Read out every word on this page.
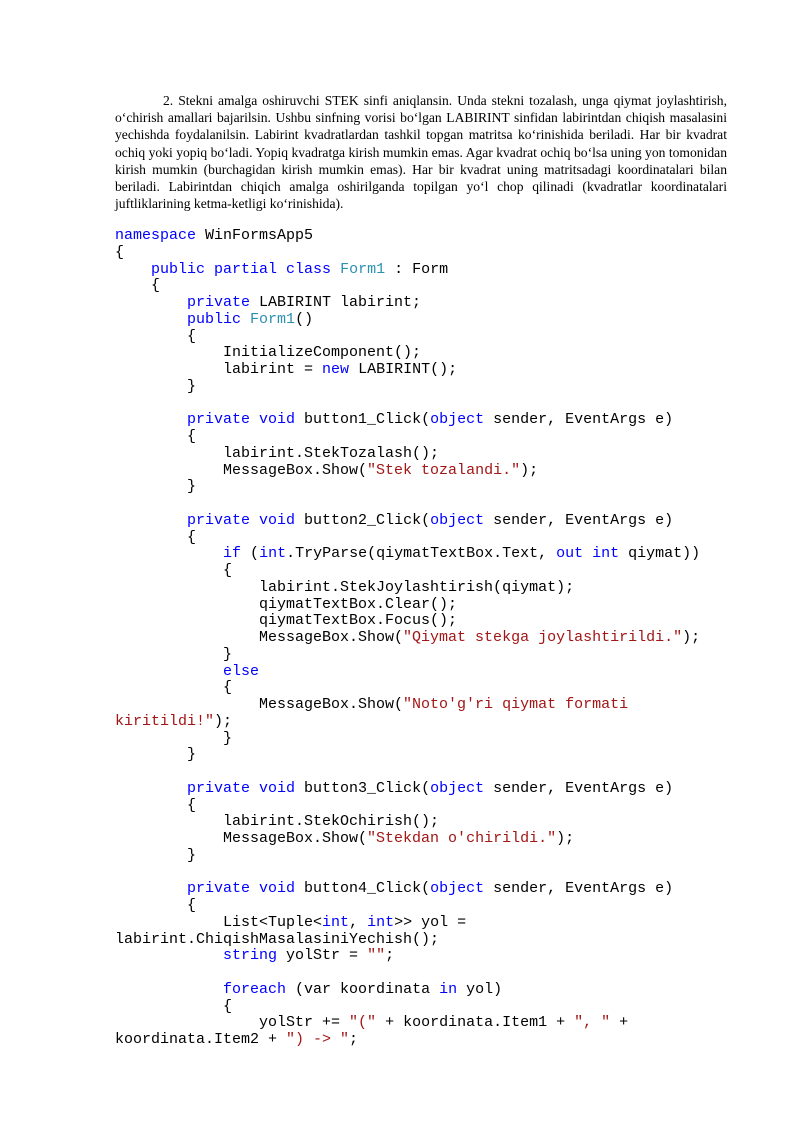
2. Stekni amalga oshiruvchi STEK sinfi aniqlansin. Unda stekni tozalash, unga qiymat joylashtirish, o‘chirish amallari bajarilsin. Ushbu sinfning vorisi bo‘lgan LABIRINT sinfidan labirintdan chiqish masalasini yechishda foydalanilsin. Labirint kvadratlardan tashkil topgan matritsa ko‘rinishida beriladi. Har bir kvadrat ochiq yoki yopiq bo‘ladi. Yopiq kvadratga kirish mumkin emas. Agar kvadrat ochiq bo‘lsa uning yon tomonidan kirish mumkin (burchagidan kirish mumkin emas). Har bir kvadrat uning matritsadagi koordinatalari bilan beriladi. Labirintdan chiqich amalga oshirilganda topilgan yo‘l chop qilinadi (kvadratlar koordinatalari juftliklarining ketma-ketligi ko‘rinishida).
namespace WinFormsApp5
{
public partial class Form1 : Form
{
private LABIRINT labirint;
public Form1()
{
InitializeComponent();
labirint = new LABIRINT();
}

private void button1_Click(object sender, EventArgs e)
{
labirint.StekTozalash();
MessageBox.Show("Stek tozalandi.");
}

private void button2_Click(object sender, EventArgs e)
{
if (int.TryParse(qiymatTextBox.Text, out int qiymat))
{
labirint.StekJoylashtirish(qiymat);
qiymatTextBox.Clear();
qiymatTextBox.Focus();
MessageBox.Show("Qiymat stekga joylashtirildi.");
}
else
{
MessageBox.Show("Noto'g'ri qiymat formati
kiritildi!");
}
}

private void button3_Click(object sender, EventArgs e)
{
labirint.StekOchirish();
MessageBox.Show("Stekdan o'chirildi.");
}

private void button4_Click(object sender, EventArgs e)
{
List<Tuple<int, int>> yol =
labirint.ChiqishMasalasiniYechish();
string yolStr = "";

foreach (var koordinata in yol)
{
yolStr += "(" + koordinata.Item1 + ", " +
koordinata.Item2 + ") -> ";
